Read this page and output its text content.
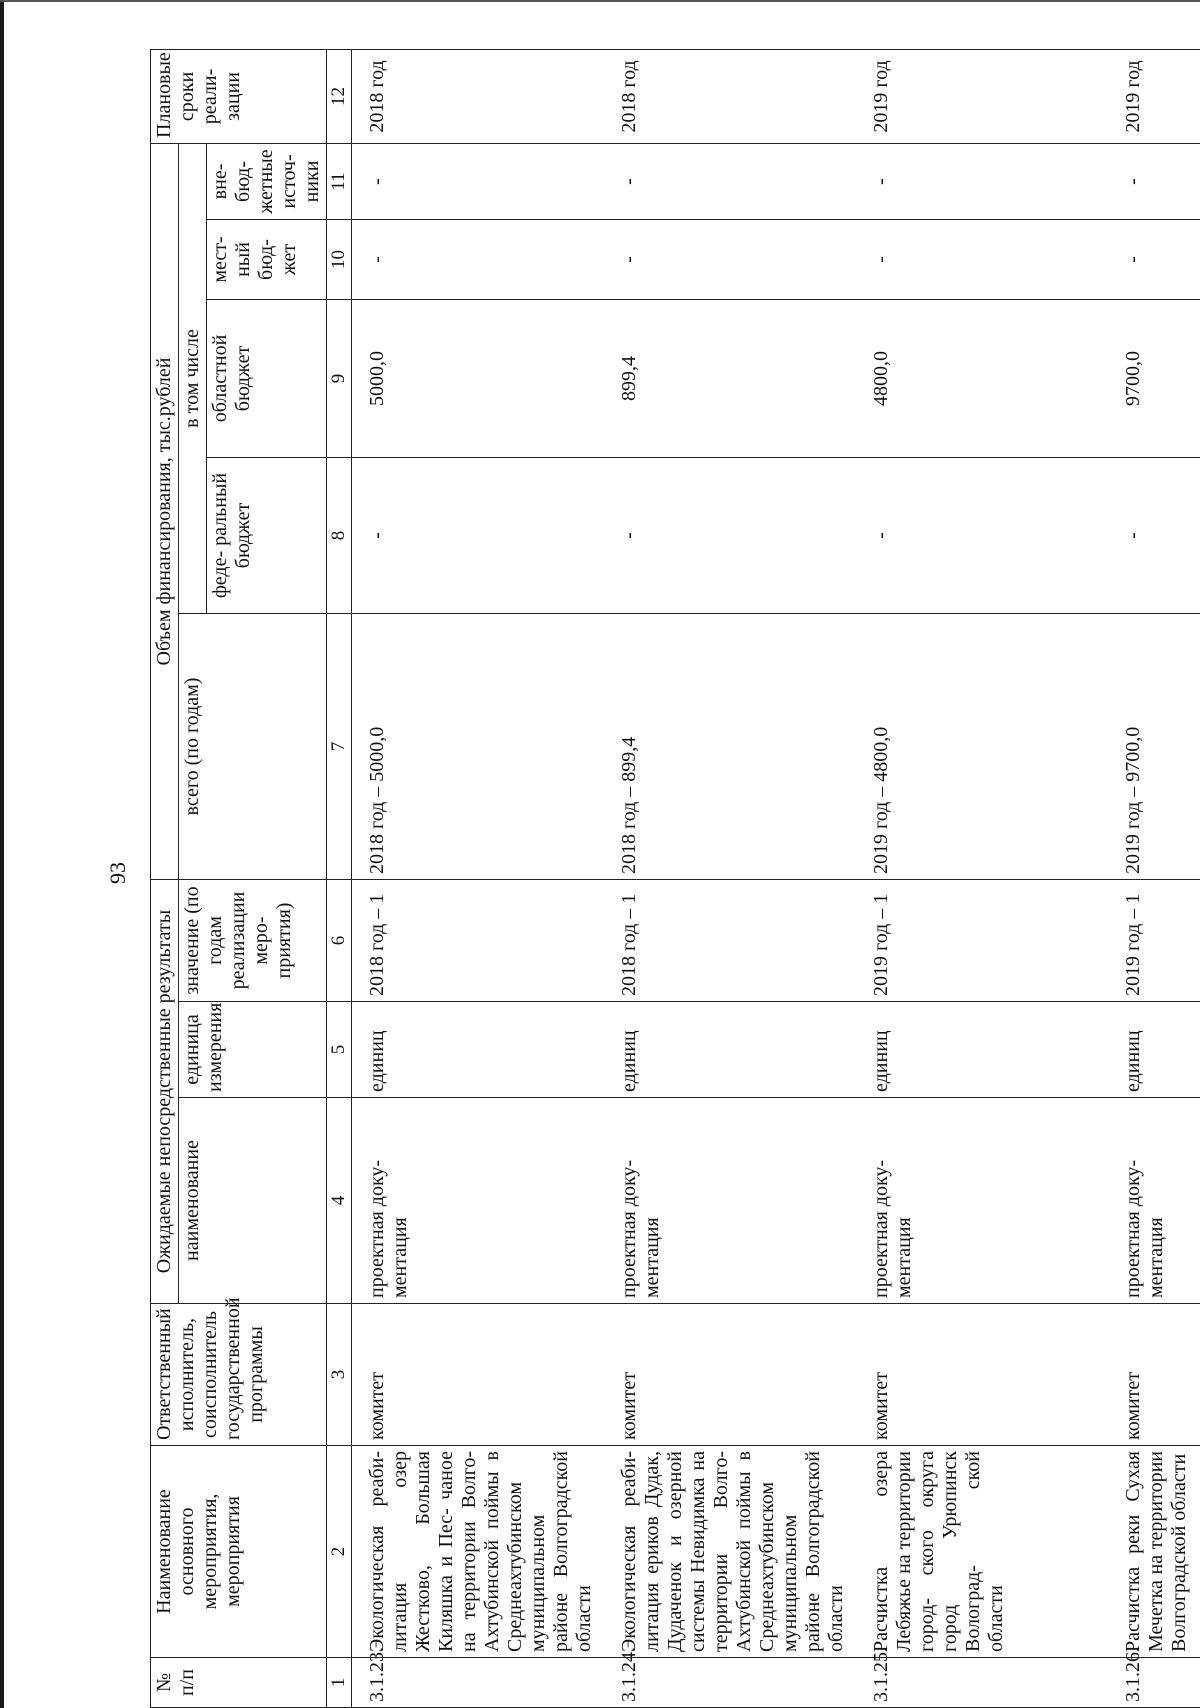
93
№ п/п	Наименование основного мероприятия, мероприятия	Ответственный исполнитель, соисполнитель государственной программы	Ожидаемые непосредственные результаты			Объем финансирования, тыс.рублей					Плановые сроки реали- зации
			наименование	единица измерения	значение (по годам реализации меро- приятия)	всего (по годам)	в том числе				
							феде- ральный бюджет	областной бюджет	мест- ный бюд- жет	вне- бюд- жетные источ- ники	
1	2	3	4	5	6	7	8	9	10	11	12
3.1.23.	Экологическая реаби- литация озер Жестково, Большая Киляшка и Пес- чаное на территории Волго-Ахтубинской поймы в Среднеахтубинском муниципальном районе Волгоградской области	комитет	проектная доку- ментация	единиц	2018 год – 1	2018 год – 5000,0	-	5000,0	-	-	2018 год
3.1.24.	Экологическая реаби- литация ериков Дудак, Дудаченок и озерной системы Невидимка на территории Волго- Ахтубинской поймы в Среднеахтубинском муниципальном районе Волгоградской области	комитет	проектная доку- ментация	единиц	2018 год – 1	2018 год – 899,4	-	899,4	-	-	2018 год
3.1.25.	Расчистка озера Лебяжье на территории город- ского округа город Урюпинск Волоград- ской области	комитет	проектная доку- ментация	единиц	2019 год – 1	2019 год – 4800,0	-	4800,0	-	-	2019 год
3.1.26.	Расчистка реки Сухая Мечетка на территории Волгоградской области	комитет	проектная доку- ментация	единиц	2019 год – 1	2019 год – 9700,0	-	9700,0	-	-	2019 год
